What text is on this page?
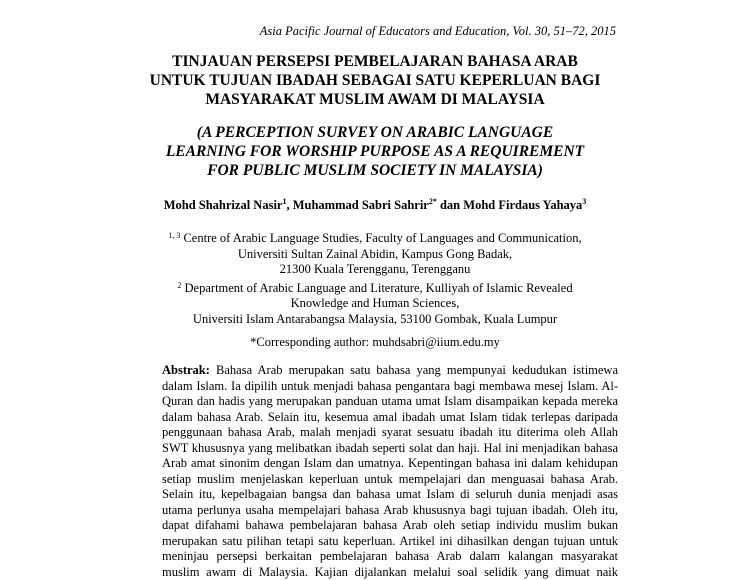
Asia Pacific Journal of Educators and Education, Vol. 30, 51–72, 2015
TINJAUAN PERSEPSI PEMBELAJARAN BAHASA ARAB
UNTUK TUJUAN IBADAH SEBAGAI SATU KEPERLUAN BAGI
MASYARAKAT MUSLIM AWAM DI MALAYSIA
(A PERCEPTION SURVEY ON ARABIC LANGUAGE
LEARNING FOR WORSHIP PURPOSE AS A REQUIREMENT
FOR PUBLIC MUSLIM SOCIETY IN MALAYSIA)
Mohd Shahrizal Nasir$^1$, Muhammad Sabri Sahrir$^{2*}$ dan Mohd Firdaus Yahaya$^3$
$^{1, 3}$ Centre of Arabic Language Studies, Faculty of Languages and Communication,
Universiti Sultan Zainal Abidin, Kampus Gong Badak,
21300 Kuala Terengganu, Terengganu
$^2$ Department of Arabic Language and Literature, Kulliyah of Islamic Revealed
Knowledge and Human Sciences,
Universiti Islam Antarabangsa Malaysia, 53100 Gombak, Kuala Lumpur
*Corresponding author: muhdsabri@iium.edu.my
Abstrak: Bahasa Arab merupakan satu bahasa yang mempunyai kedudukan istimewa
dalam Islam. Ia dipilih untuk menjadi bahasa pengantara bagi membawa mesej Islam. Al-
Quran dan hadis yang merupakan panduan utama umat Islam disampaikan kepada mereka
dalam bahasa Arab. Selain itu, kesemua amal ibadah umat Islam tidak terlepas daripada
penggunaan bahasa Arab, malah menjadi syarat sesuatu ibadah itu diterima oleh Allah
SWT khususnya yang melibatkan ibadah seperti solat dan haji. Hal ini menjadikan bahasa
Arab amat sinonim dengan Islam dan umatnya. Kepentingan bahasa ini dalam kehidupan
setiap muslim menjelaskan keperluan untuk mempelajari dan menguasai bahasa Arab.
Selain itu, kepelbagaian bangsa dan bahasa umat Islam di seluruh dunia menjadi asas
utama perlunya usaha mempelajari bahasa Arab khususnya bagi tujuan ibadah. Oleh itu,
dapat difahami bahawa pembelajaran bahasa Arab oleh setiap individu muslim bukan
merupakan satu pilihan tetapi satu keperluan. Artikel ini dihasilkan dengan tujuan untuk
meninjau persepsi berkaitan pembelajaran bahasa Arab dalam kalangan masyarakat
muslim awam di Malaysia. Kajian dijalankan melalui soal selidik yang dimuat naik
